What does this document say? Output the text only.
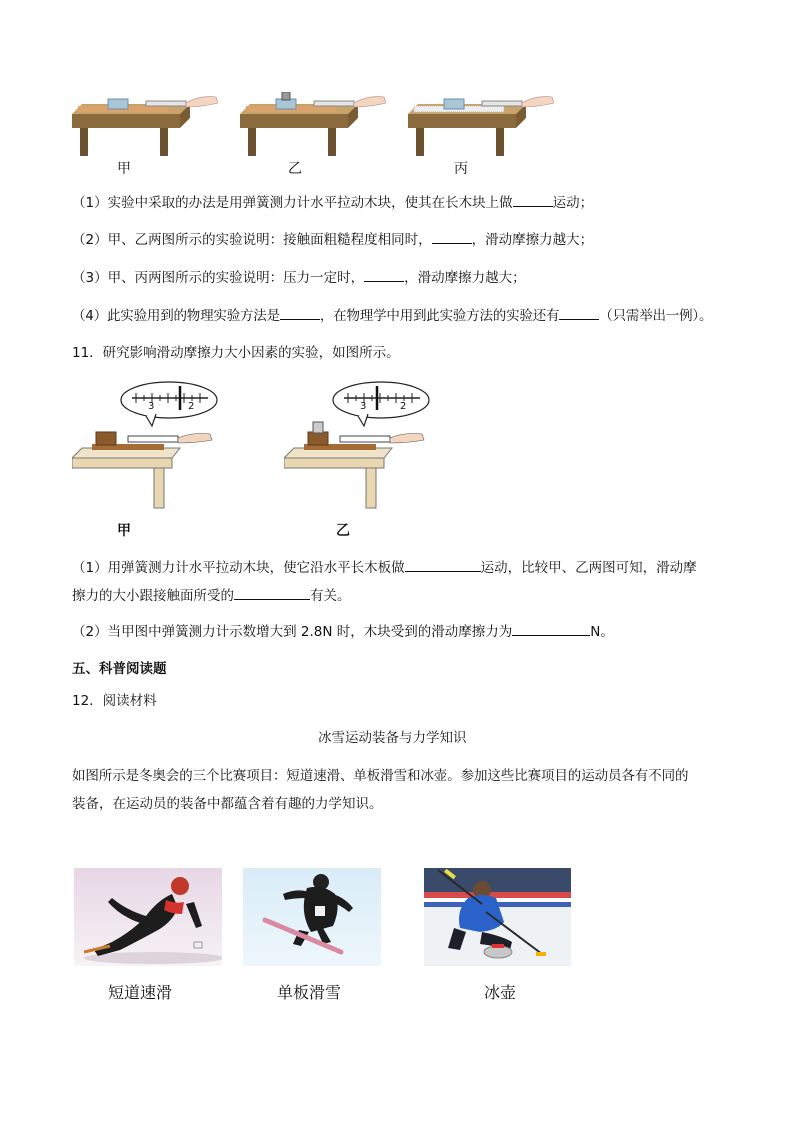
甲	乙	丙
（1）实验中采取的办法是用弹簧测力计水平拉动木块，使其在长木块上做	运动；
（2）甲、乙两图所示的实验说明：接触面粗糙程度相同时，	，滑动摩擦力越大；
（3）甲、丙两图所示的实验说明：压力一定时，	，滑动摩擦力越大；
（4）此实验用到的物理实验方法是	，在物理学中用到此实验方法的实验还有	（只需举出一例）。
11．研究影响滑动摩擦力大小因素的实验，如图所示。
3	2	3	2
甲	乙
（1）用弹簧测力计水平拉动木块，使它沿水平长木板做	运动，比较甲、乙两图可知，滑动摩
擦力的大小跟接触面所受的	有关。
（2）当甲图中弹簧测力计示数增大到 2.8N 时，木块受到的滑动摩擦力为	N。
五、科普阅读题
12．阅读材料
冰雪运动装备与力学知识
如图所示是冬奥会的三个比赛项目：短道速滑、单板滑雪和冰壶。参加这些比赛项目的运动员各有不同的
装备，在运动员的装备中都蕴含着有趣的力学知识。
短道速滑	单板滑雪	冰壶
